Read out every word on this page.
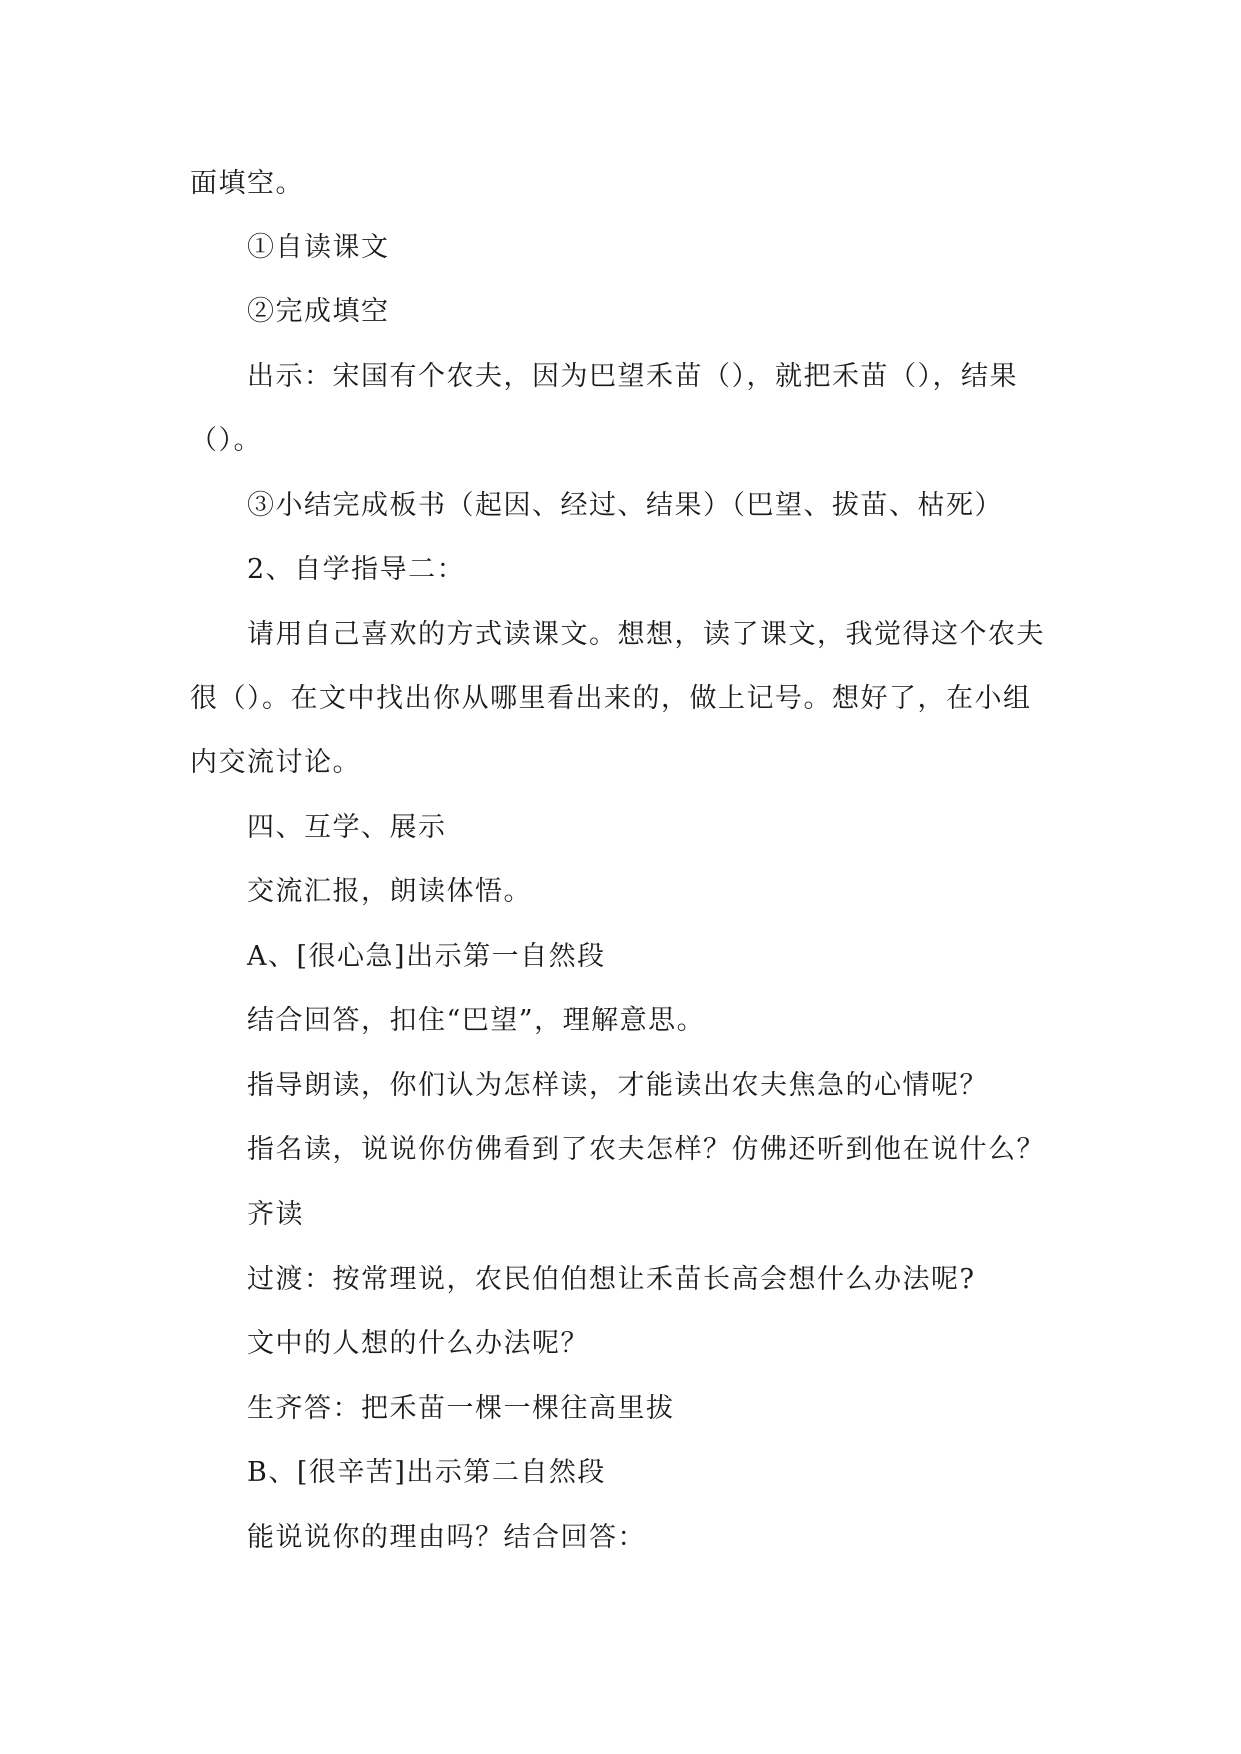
面填空。
①自读课文
②完成填空
出示：宋国有个农夫，因为巴望禾苗（），就把禾苗（），结果
（）。
③小结完成板书（起因、经过、结果）（巴望、拔苗、枯死）
2、自学指导二：
请用自己喜欢的方式读课文。想想，读了课文，我觉得这个农夫
很（）。在文中找出你从哪里看出来的，做上记号。想好了，在小组
内交流讨论。
四、互学、展示
交流汇报，朗读体悟。
A、[很心急]出示第一自然段
结合回答，扣住“巴望”，理解意思。
指导朗读，你们认为怎样读，才能读出农夫焦急的心情呢？
指名读，说说你仿佛看到了农夫怎样？仿佛还听到他在说什么？
齐读
过渡：按常理说，农民伯伯想让禾苗长高会想什么办法呢?
文中的人想的什么办法呢？
生齐答：把禾苗一棵一棵往高里拔
B、[很辛苦]出示第二自然段
能说说你的理由吗？结合回答：
